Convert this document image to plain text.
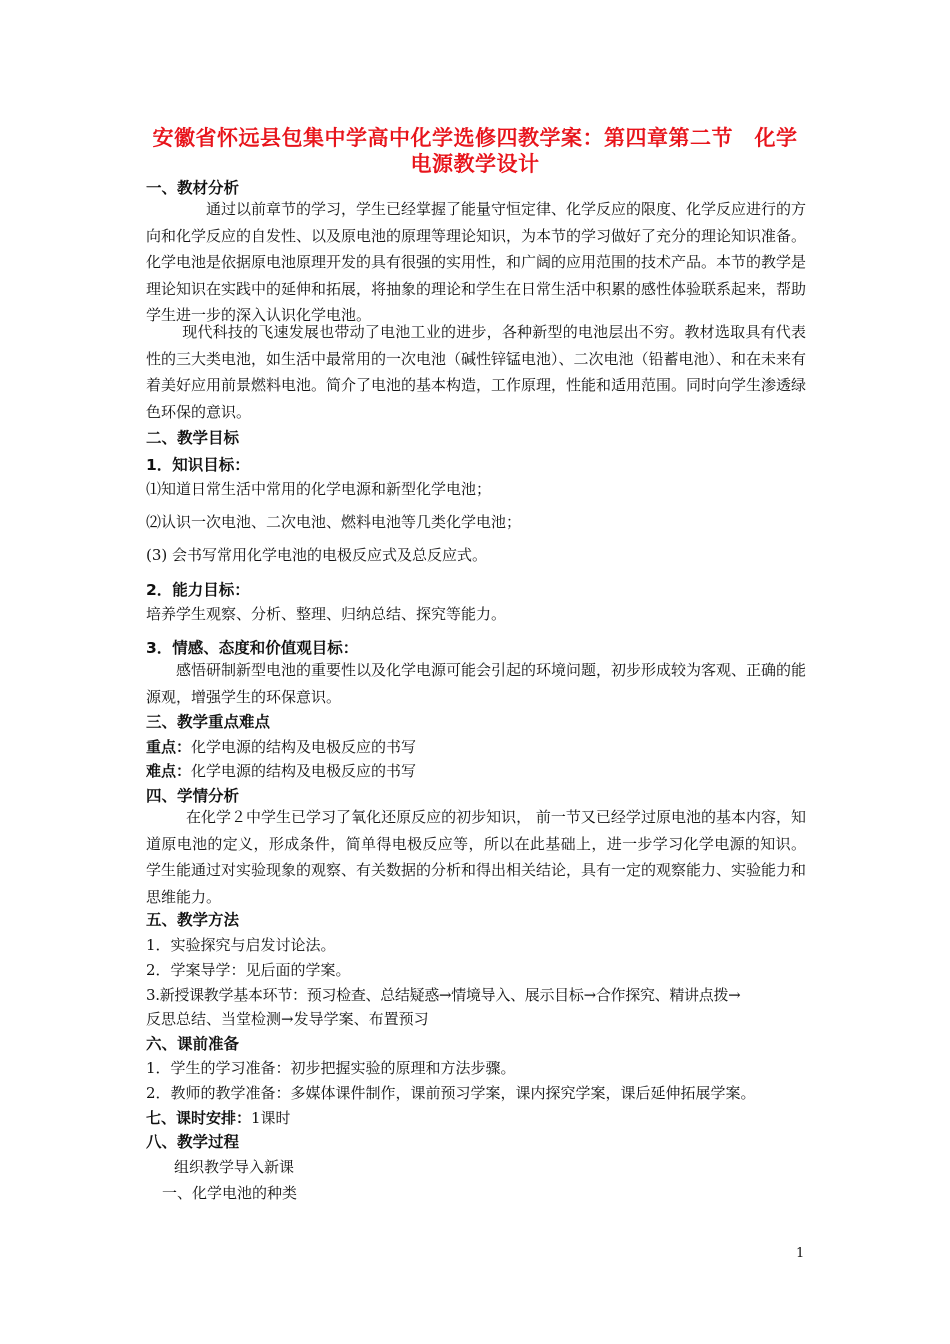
安徽省怀远县包集中学高中化学选修四教学案：第四章第二节　化学
电源教学设计
一、教材分析
通过以前章节的学习，学生已经掌握了能量守恒定律、化学反应的限度、化学反应进行的方向和化学反应的自发性、以及原电池的原理等理论知识，为本节的学习做好了充分的理论知识准备。化学电池是依据原电池原理开发的具有很强的实用性，和广阔的应用范围的技术产品。本节的教学是理论知识在实践中的延伸和拓展，将抽象的理论和学生在日常生活中积累的感性体验联系起来，帮助学生进一步的深入认识化学电池。
现代科技的飞速发展也带动了电池工业的进步，各种新型的电池层出不穷。教材选取具有代表性的三大类电池，如生活中最常用的一次电池（碱性锌锰电池）、二次电池（铅蓄电池）、和在未来有着美好应用前景燃料电池。简介了电池的基本构造，工作原理，性能和适用范围。同时向学生渗透绿色环保的意识。
二、教学目标
1．知识目标：
⑴知道日常生活中常用的化学电源和新型化学电池；
⑵认识一次电池、二次电池、燃料电池等几类化学电池；
(3) 会书写常用化学电池的电极反应式及总反应式。
2．能力目标：
培养学生观察、分析、整理、归纳总结、探究等能力。
3．情感、态度和价值观目标：
感悟研制新型电池的重要性以及化学电源可能会引起的环境问题，初步形成较为客观、正确的能源观，增强学生的环保意识。
三、教学重点难点
重点：化学电源的结构及电极反应的书写
难点：化学电源的结构及电极反应的书写
四、学情分析
在化学２中学生已学习了氧化还原反应的初步知识， 前一节又已经学过原电池的基本内容，知道原电池的定义，形成条件，简单得电极反应等，所以在此基础上，进一步学习化学电源的知识。 学生能通过对实验现象的观察、有关数据的分析和得出相关结论，具有一定的观察能力、实验能力和思维能力。
五、教学方法
1．实验探究与启发讨论法。
2．学案导学：见后面的学案。
3.新授课教学基本环节：预习检查、总结疑惑→情境导入、展示目标→合作探究、精讲点拨→
反思总结、当堂检测→发导学案、布置预习
六、课前准备
1．学生的学习准备：初步把握实验的原理和方法步骤。
2．教师的教学准备：多媒体课件制作，课前预习学案，课内探究学案，课后延伸拓展学案。
七、课时安排：1课时
八、教学过程
组织教学导入新课
一、化学电池的种类
1
